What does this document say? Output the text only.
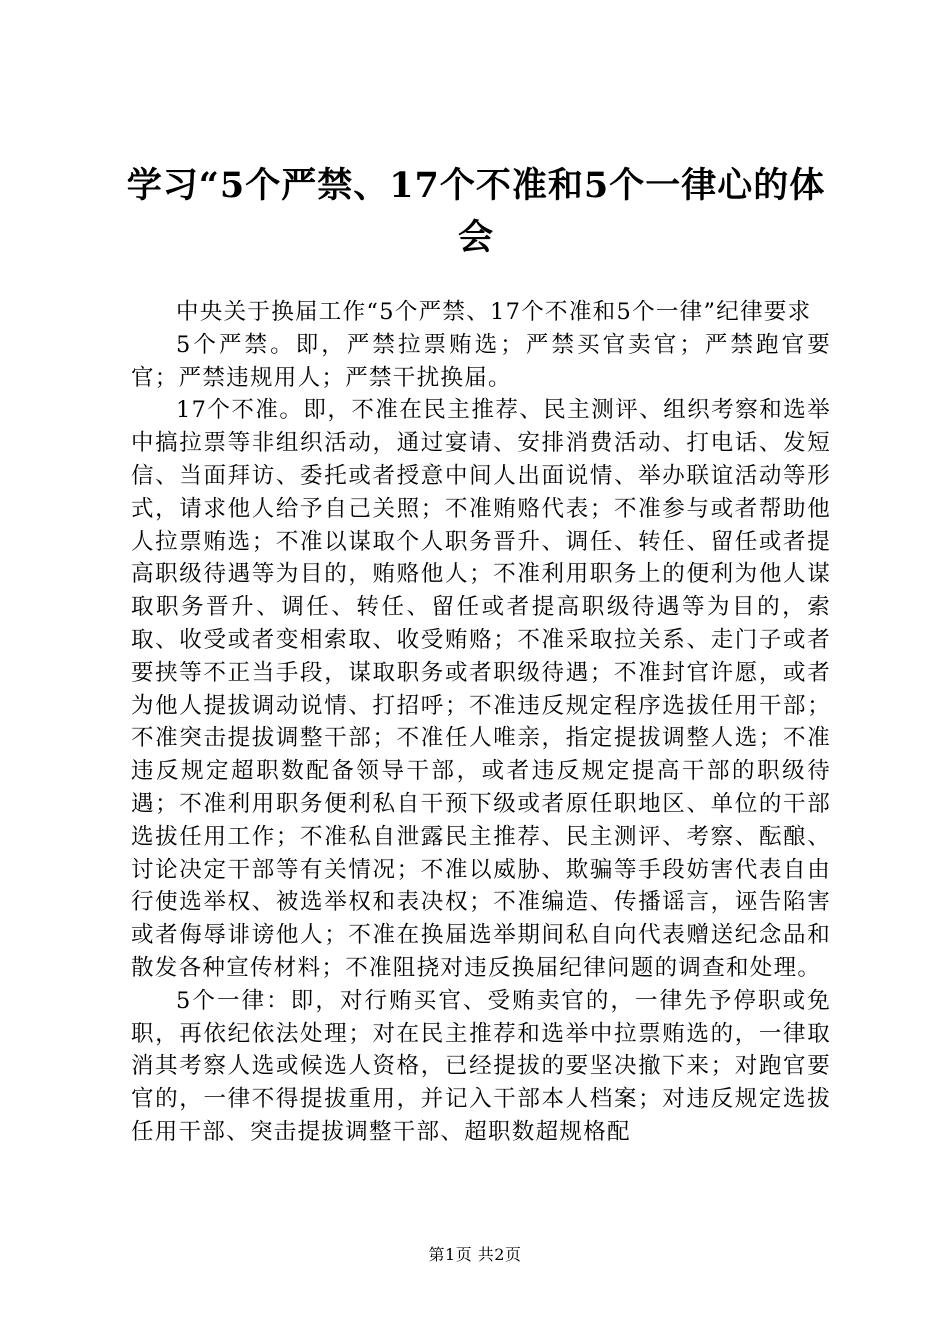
学习“5个严禁、17个不准和5个一律心的体会

中央关于换届工作“5个严禁、17个不准和5个一律”纪律要求

5个严禁。即，严禁拉票贿选；严禁买官卖官；严禁跑官要官；严禁违规用人；严禁干扰换届。

17个不准。即，不准在民主推荐、民主测评、组织考察和选举中搞拉票等非组织活动，通过宴请、安排消费活动、打电话、发短信、当面拜访、委托或者授意中间人出面说情、举办联谊活动等形式，请求他人给予自己关照；不准贿赂代表；不准参与或者帮助他人拉票贿选；不准以谋取个人职务晋升、调任、转任、留任或者提高职级待遇等为目的，贿赂他人；不准利用职务上的便利为他人谋取职务晋升、调任、转任、留任或者提高职级待遇等为目的，索取、收受或者变相索取、收受贿赂；不准采取拉关系、走门子或者要挟等不正当手段，谋取职务或者职级待遇；不准封官许愿，或者为他人提拔调动说情、打招呼；不准违反规定程序选拔任用干部；不准突击提拔调整干部；不准任人唯亲，指定提拔调整人选；不准违反规定超职数配备领导干部，或者违反规定提高干部的职级待遇；不准利用职务便利私自干预下级或者原任职地区、单位的干部选拔任用工作；不准私自泄露民主推荐、民主测评、考察、酝酿、讨论决定干部等有关情况；不准以威胁、欺骗等手段妨害代表自由行使选举权、被选举权和表决权；不准编造、传播谣言，诬告陷害或者侮辱诽谤他人；不准在换届选举期间私自向代表赠送纪念品和散发各种宣传材料；不准阻挠对违反换届纪律问题的调查和处理。

5个一律：即，对行贿买官、受贿卖官的，一律先予停职或免职，再依纪依法处理；对在民主推荐和选举中拉票贿选的，一律取消其考察人选或候选人资格，已经提拔的要坚决撤下来；对跑官要官的，一律不得提拔重用，并记入干部本人档案；对违反规定选拔任用干部、突击提拔调整干部、超职数超规格配

第1页 共2页
